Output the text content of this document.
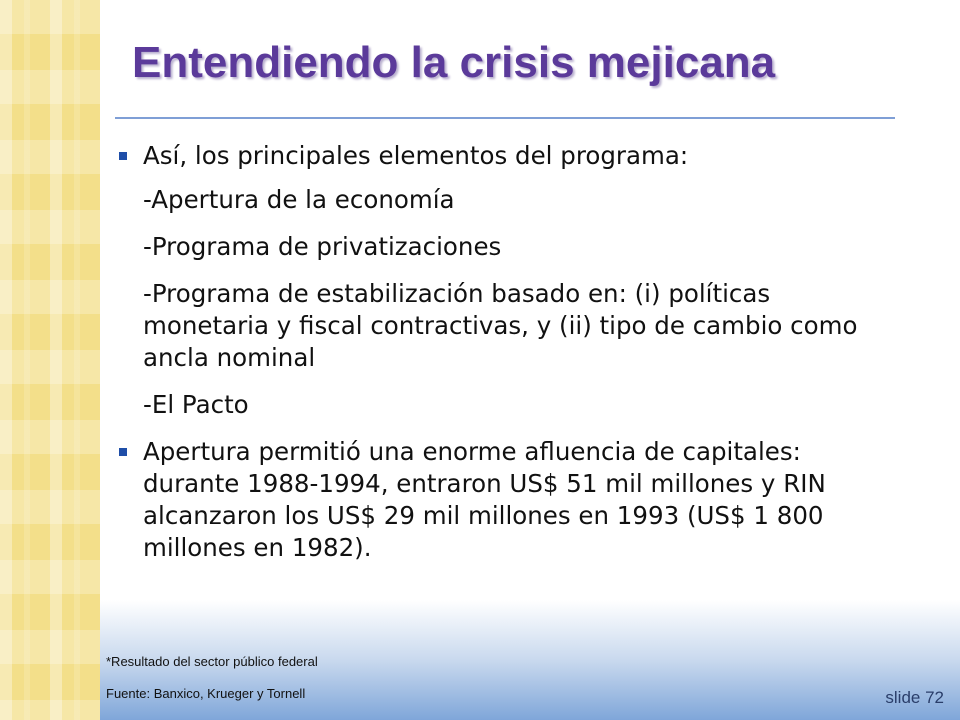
Entendiendo la crisis mejicana
Así, los principales elementos del programa:
-Apertura de la economía
-Programa de privatizaciones
-Programa de estabilización basado en: (i) políticas monetaria y fiscal contractivas, y (ii) tipo de cambio como ancla nominal
-El Pacto
Apertura permitió una enorme afluencia de capitales: durante 1988-1994, entraron US$ 51 mil millones y RIN alcanzaron los US$ 29 mil millones en 1993 (US$ 1 800 millones en 1982).
*Resultado del sector público federal
Fuente: Banxico, Krueger y Tornell	slide 72
